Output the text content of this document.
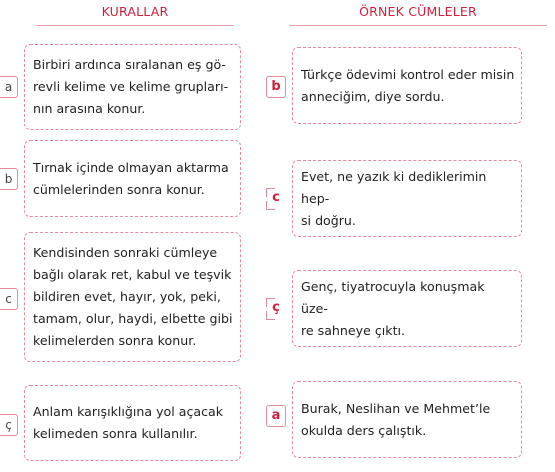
KURALLAR	ÖRNEK CÜMLELER
a
Birbiri ardınca sıralanan eş gö-
revli kelime ve kelime grupları-
nın arasına konur.
b
Tırnak içinde olmayan aktarma
cümlelerinden sonra konur.
c
Kendisinden sonraki cümleye
bağlı olarak ret, kabul ve teşvik
bildiren evet, hayır, yok, peki,
tamam, olur, haydi, elbette gibi
kelimelerden sonra konur.
ç
Anlam karışıklığına yol açacak
kelimeden sonra kullanılır.
b
Türkçe ödevimi kontrol eder misin
anneciğim, diye sordu.
c
Evet, ne yazık ki dediklerimin hep-
si doğru.
ç
Genç, tiyatrocuyla konuşmak üze-
re sahneye çıktı.
a	Burak, Neslihan ve Mehmet’le
okulda ders çalıştık.
